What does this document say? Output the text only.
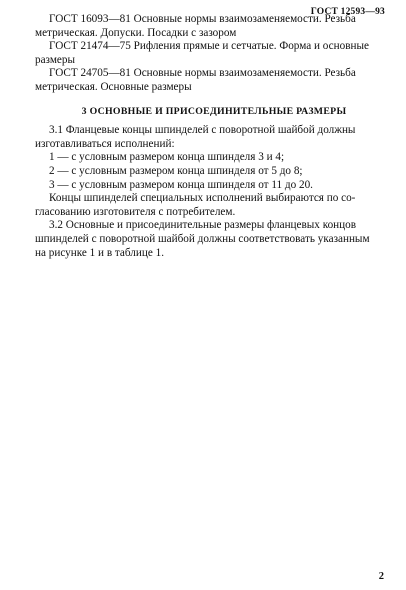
ГОСТ 12593—93

ГОСТ 16093—81 Основные нормы взаимозаменяемости. Резьба

метрическая. Допуски. Посадки с зазором

ГОСТ 21474—75 Рифления прямые и сетчатые. Форма и основные

размеры

ГОСТ 24705—81 Основные нормы взаимозаменяемости. Резьба

метрическая. Основные размеры

3 ОСНОВНЫЕ И ПРИСОЕДИНИТЕЛЬНЫЕ РАЗМЕРЫ

3.1 Фланцевые концы шпинделей с поворотной шайбой должны

изготавливаться исполнений:

1 — с условным размером конца шпинделя 3 и 4;

2 — с условным размером конца шпинделя от 5 до 8;

3 — с условным размером конца шпинделя от 11 до 20.

Концы шпинделей специальных исполнений выбираются по со-

гласованию изготовителя с потребителем.

3.2 Основные и присоединительные размеры фланцевых концов

шпинделей с поворотной шайбой должны соответствовать указанным

на рисунке 1 и в таблице 1.

2
